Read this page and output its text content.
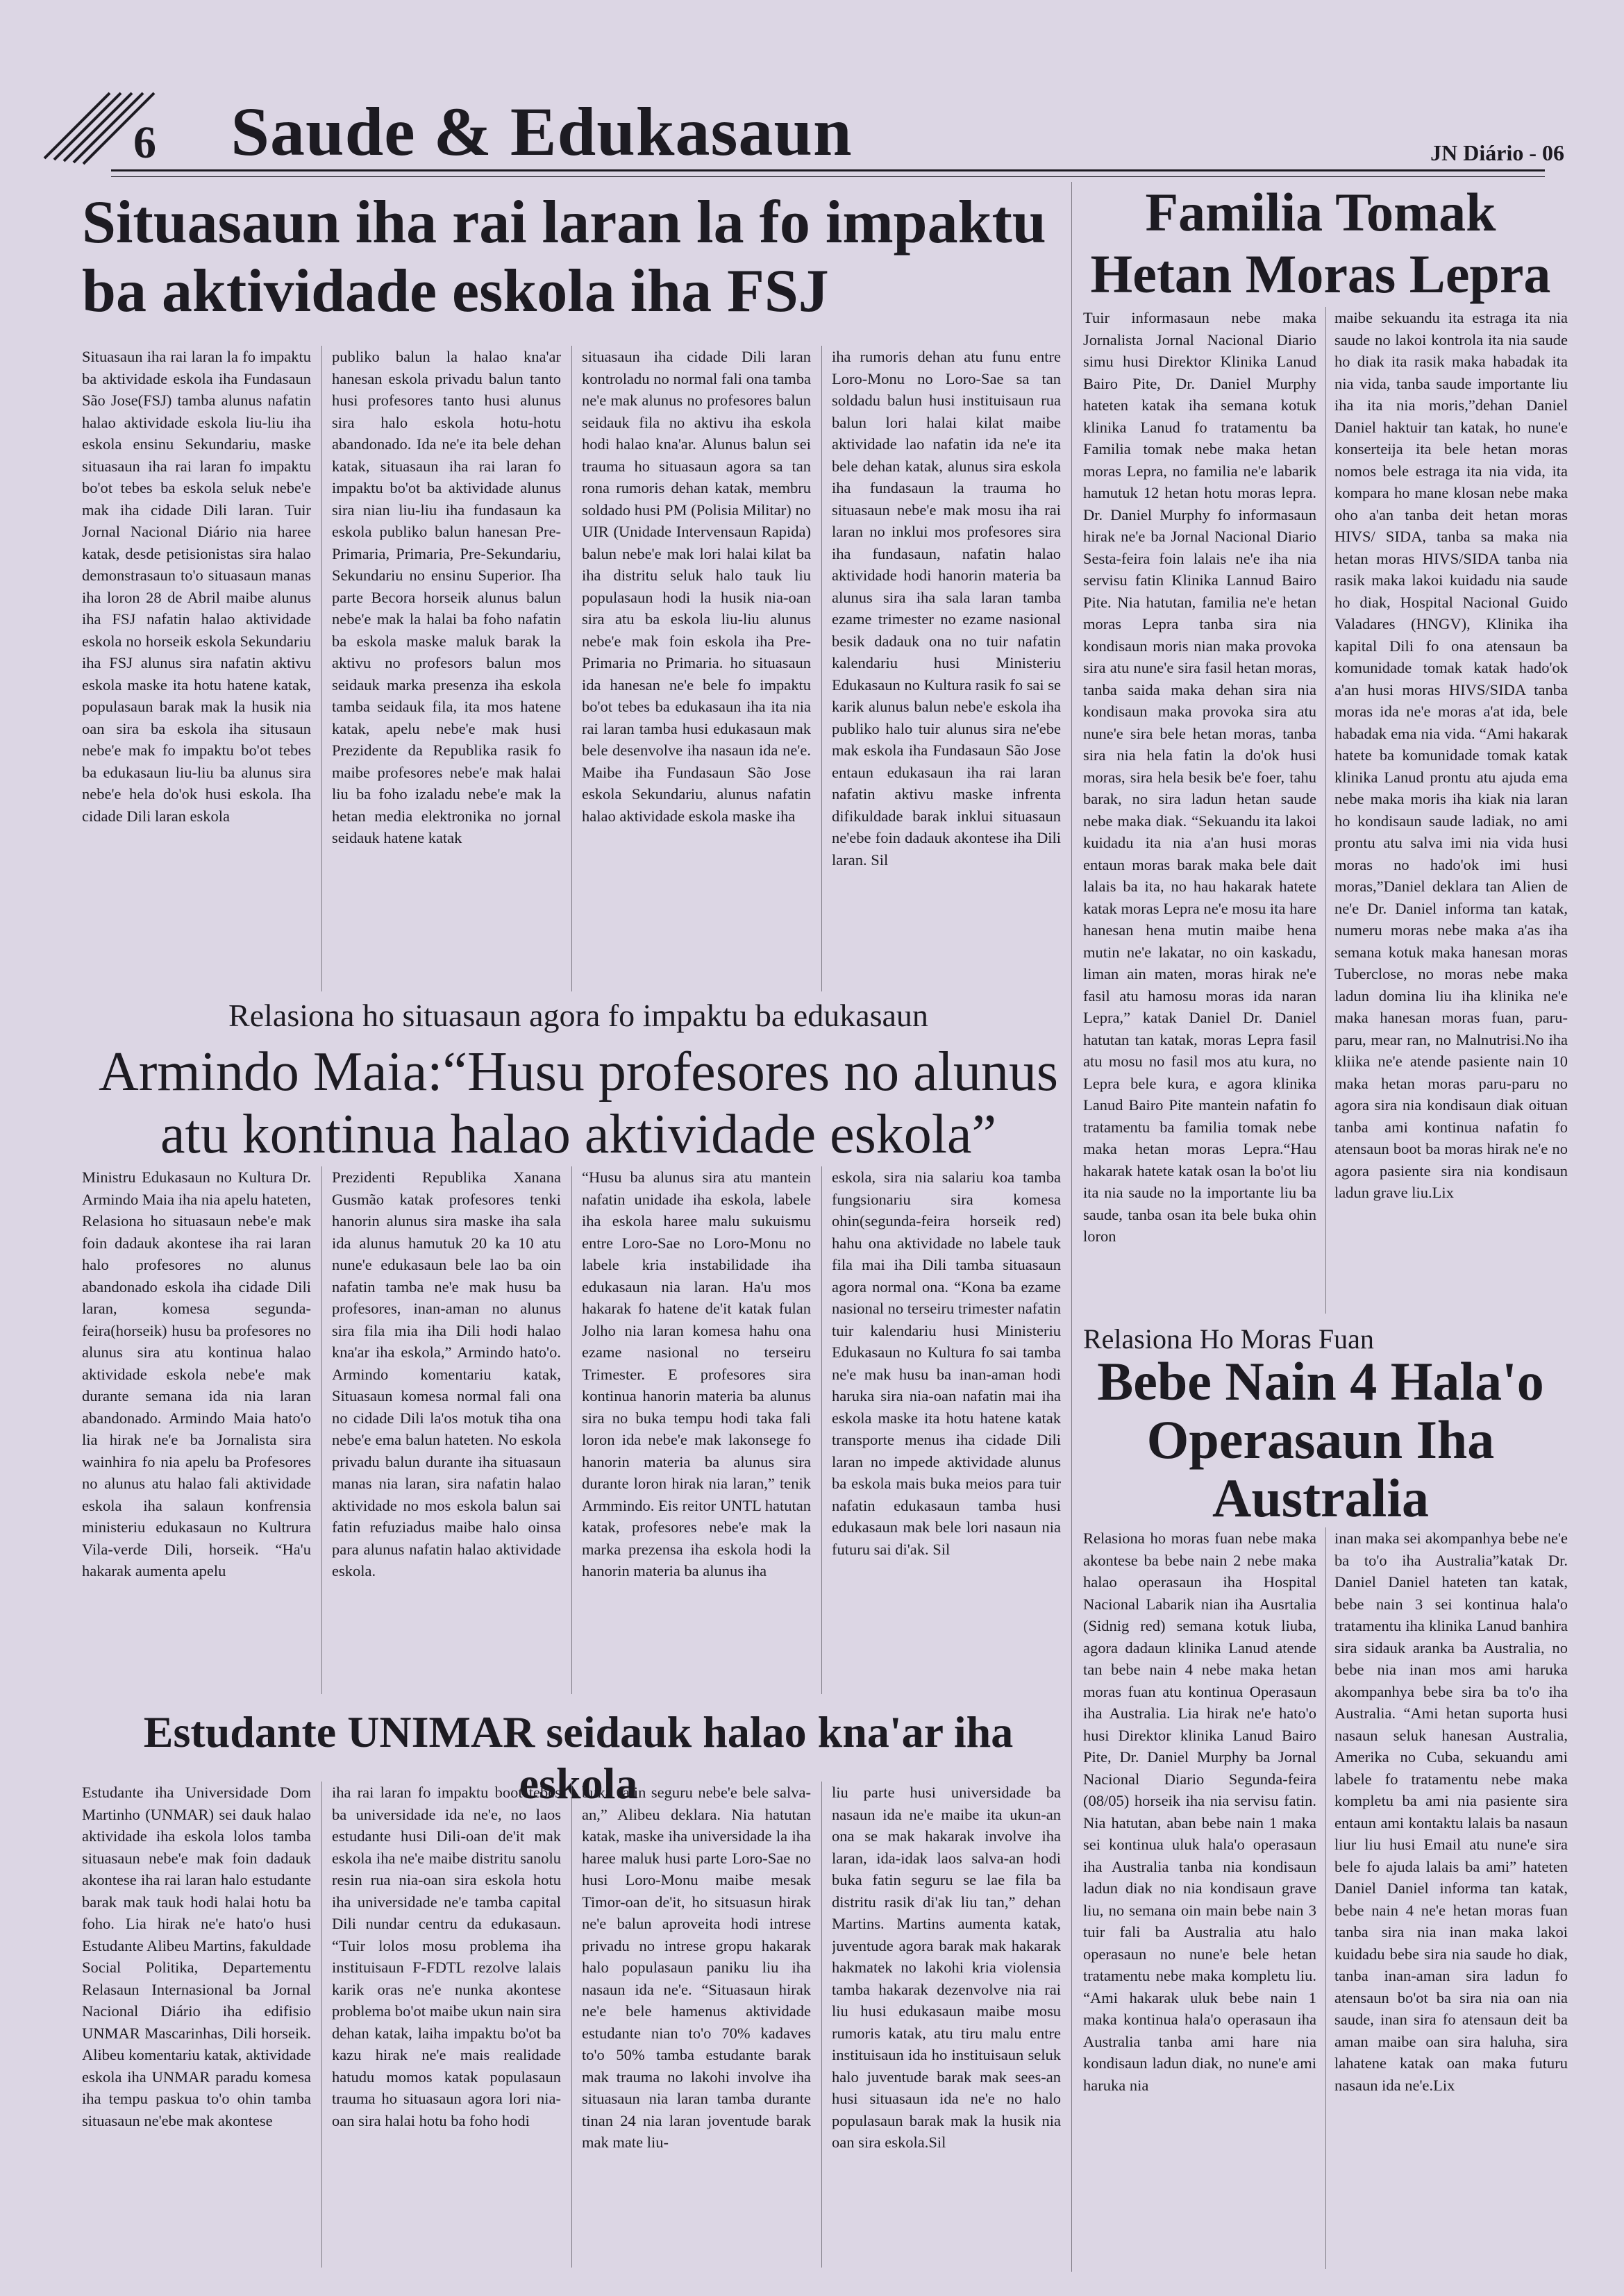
6	Saude & Edukasaun	JN Diário - 06
Situasaun iha rai laran la fo impaktu ba aktividade eskola iha FSJ

Situasaun iha rai laran la fo impaktu ba aktividade eskola iha Fundasaun São Jose(FSJ) tamba alunus nafatin halao aktividade eskola liu-liu iha eskola ensinu Sekundariu, maske situasaun iha rai laran fo impaktu bo'ot tebes ba eskola seluk nebe'e mak iha cidade Dili laran. Tuir Jornal Nacional Diário nia haree katak, desde petisionistas sira halao demonstrasaun to'o situasaun manas iha loron 28 de Abril maibe alunus iha FSJ nafatin halao aktividade eskola no horseik eskola Sekundariu iha FSJ alunus sira nafatin aktivu eskola maske ita hotu hatene katak, populasaun barak mak la husik nia oan sira ba eskola iha situsaun nebe'e mak fo impaktu bo'ot tebes ba edukasaun liu-liu ba alunus sira nebe'e hela do'ok husi eskola. Iha cidade Dili laran eskola

publiko balun la halao kna'ar hanesan eskola privadu balun tanto husi profesores tanto husi alunus sira halo eskola hotu-hotu abandonado. Ida ne'e ita bele dehan katak, situasaun iha rai laran fo impaktu bo'ot ba aktividade alunus sira nian liu-liu iha fundasaun ka eskola publiko balun hanesan Pre-Primaria, Primaria, Pre-Sekundariu, Sekundariu no ensinu Superior. Iha parte Becora horseik alunus balun nebe'e mak la halai ba foho nafatin ba eskola maske maluk barak la aktivu no profesors balun mos seidauk marka presenza iha eskola tamba seidauk fila, ita mos hatene katak, apelu nebe'e mak husi Prezidente da Republika rasik fo maibe profesores nebe'e mak halai liu ba foho izaladu nebe'e mak la hetan media elektronika no jornal seidauk hatene katak

situasaun iha cidade Dili laran kontroladu no normal fali ona tamba ne'e mak alunus no profesores balun seidauk fila no aktivu iha eskola hodi halao kna'ar. Alunus balun sei trauma ho situasaun agora sa tan rona rumoris dehan katak, membru soldado husi PM (Polisia Militar) no UIR (Unidade Intervensaun Rapida) balun nebe'e mak lori halai kilat ba iha distritu seluk halo tauk liu populasaun hodi la husik nia-oan sira atu ba eskola liu-liu alunus nebe'e mak foin eskola iha Pre-Primaria no Primaria. ho situasaun ida hanesan ne'e bele fo impaktu bo'ot tebes ba edukasaun iha ita nia rai laran tamba husi edukasaun mak bele desenvolve iha nasaun ida ne'e. Maibe iha Fundasaun São Jose eskola Sekundariu, alunus nafatin halao aktividade eskola maske iha

iha rumoris dehan atu funu entre Loro-Monu no Loro-Sae sa tan soldadu balun husi instituisaun rua balun lori halai kilat maibe aktividade lao nafatin ida ne'e ita bele dehan katak, alunus sira eskola iha fundasaun la trauma ho situasaun nebe'e mak mosu iha rai laran no inklui mos profesores sira iha fundasaun, nafatin halao aktividade hodi hanorin materia ba alunus sira iha sala laran tamba ezame trimester no ezame nasional besik dadauk ona no tuir nafatin kalendariu husi Ministeriu Edukasaun no Kultura rasik fo sai se karik alunus balun nebe'e eskola iha publiko halo tuir alunus sira ne'ebe mak eskola iha Fundasaun São Jose entaun edukasaun iha rai laran nafatin aktivu maske infrenta difikuldade barak inklui situasaun ne'ebe foin dadauk akontese iha Dili laran. Sil

Relasiona ho situasaun agora fo impaktu ba edukasaun
Armindo Maia:“Husu profesores no alunus atu kontinua halao aktividade eskola”

Ministru Edukasaun no Kultura Dr. Armindo Maia iha nia apelu hateten, Relasiona ho situasaun nebe'e mak foin dadauk akontese iha rai laran halo profesores no alunus abandonado eskola iha cidade Dili laran, komesa segunda-feira(horseik) husu ba profesores no alunus sira atu kontinua halao aktividade eskola nebe'e mak durante semana ida nia laran abandonado. Armindo Maia hato'o lia hirak ne'e ba Jornalista sira wainhira fo nia apelu ba Profesores no alunus atu halao fali aktividade eskola iha salaun konfrensia ministeriu edukasaun no Kultrura Vila-verde Dili, horseik. “Ha'u hakarak aumenta apelu

Prezidenti Republika Xanana Gusmão katak profesores tenki hanorin alunus sira maske iha sala ida alunus hamutuk 20 ka 10 atu nune'e edukasaun bele lao ba oin nafatin tamba ne'e mak husu ba profesores, inan-aman no alunus sira fila mia iha Dili hodi halao kna'ar iha eskola,” Armindo hato'o. Armindo komentariu katak, Situasaun komesa normal fali ona no cidade Dili la'os motuk tiha ona nebe'e ema balun hateten. No eskola privadu balun durante iha situasaun manas nia laran, sira nafatin halao aktividade no mos eskola balun sai fatin refuziadus maibe halo oinsa para alunus nafatin halao aktividade eskola.

“Husu ba alunus sira atu mantein nafatin unidade iha eskola, labele iha eskola haree malu sukuismu entre Loro-Sae no Loro-Monu no labele kria instabilidade iha edukasaun nia laran. Ha'u mos hakarak fo hatene de'it katak fulan Jolho nia laran komesa hahu ona ezame nasional no terseiru Trimester. E profesores sira kontinua hanorin materia ba alunus sira no buka tempu hodi taka fali loron ida nebe'e mak lakonsege fo hanorin materia ba alunus sira durante loron hirak nia laran,” tenik Armmindo. Eis reitor UNTL hatutan katak, profesores nebe'e mak la marka prezensa iha eskola hodi la hanorin materia ba alunus iha

eskola, sira nia salariu koa tamba fungsionariu sira komesa ohin(segunda-feira horseik red) hahu ona aktividade no labele tauk fila mai iha Dili tamba situasaun agora normal ona. “Kona ba ezame nasional no terseiru trimester nafatin tuir kalendariu husi Ministeriu Edukasaun no Kultura fo sai tamba ne'e mak husu ba inan-aman hodi haruka sira nia-oan nafatin mai iha eskola maske ita hotu hatene katak transporte menus iha cidade Dili laran no impede aktividade alunus ba eskola mais buka meios para tuir nafatin edukasaun tamba husi edukasaun mak bele lori nasaun nia futuru sai di'ak. Sil

Estudante UNIMAR seidauk halao kna'ar iha eskola

Estudante iha Universidade Dom Martinho (UNMAR) sei dauk halao aktividade iha eskola lolos tamba situasaun nebe'e mak foin dadauk akontese iha rai laran halo estudante barak mak tauk hodi halai hotu ba foho. Lia hirak ne'e hato'o husi Estudante Alibeu Martins, fakuldade Social Politika, Departementu Relasaun Internasional ba Jornal Nacional Diário iha edifisio UNMAR Mascarinhas, Dili horseik. Alibeu komentariu katak, aktividade eskola iha UNMAR paradu komesa iha tempu paskua to'o ohin tamba situasaun ne'ebe mak akontese

iha rai laran fo impaktu boot tebes ba universidade ida ne'e, no laos estudante husi Dili-oan de'it mak eskola iha ne'e maibe distritu sanolu resin rua nia-oan sira eskola hotu iha universidade ne'e tamba capital Dili nundar centru da edukasaun. “Tuir lolos mosu problema iha instituisaun F-FDTL rezolve lalais karik oras ne'e nunka akontese problema bo'ot maibe ukun nain sira dehan katak, laiha impaktu bo'ot ba kazu hirak ne'e mais realidade hatudu momos katak populasaun trauma ho situasaun agora lori nia-oan sira halai hotu ba foho hodi

buka fatin seguru nebe'e bele salva-an,” Alibeu deklara. Nia hatutan katak, maske iha universidade la iha haree maluk husi parte Loro-Sae no husi Loro-Monu maibe mesak Timor-oan de'it, ho sitsuasun hirak ne'e balun aproveita hodi intrese privadu no intrese gropu hakarak halo populasaun paniku liu iha nasaun ida ne'e. “Situasaun hirak ne'e bele hamenus aktividade estudante nian to'o 70% kadaves to'o 50% tamba estudante barak mak trauma no lakohi involve iha situasaun nia laran tamba durante tinan 24 nia laran joventude barak mak mate liu-

liu parte husi universidade ba nasaun ida ne'e maibe ita ukun-an ona se mak hakarak involve iha laran, ida-idak laos salva-an hodi buka fatin seguru se lae fila ba distritu rasik di'ak liu tan,” dehan Martins. Martins aumenta katak, juventude agora barak mak hakarak hakmatek no lakohi kria violensia tamba hakarak dezenvolve nia rai liu husi edukasaun maibe mosu rumoris katak, atu tiru malu entre instituisaun ida ho instituisaun seluk halo juventude barak mak sees-an husi situasaun ida ne'e no halo populasaun barak mak la husik nia oan sira eskola.Sil

Familia Tomak Hetan Moras Lepra

Tuir informasaun nebe maka Jornalista Jornal Nacional Diario simu husi Direktor Klinika Lanud Bairo Pite, Dr. Daniel Murphy hateten katak iha semana kotuk klinika Lanud fo tratamentu ba Familia tomak nebe maka hetan moras Lepra, no familia ne'e labarik hamutuk 12 hetan hotu moras lepra. Dr. Daniel Murphy fo informasaun hirak ne'e ba Jornal Nacional Diario Sesta-feira foin lalais ne'e iha nia servisu fatin Klinika Lannud Bairo Pite. Nia hatutan, familia ne'e hetan moras Lepra tanba sira nia kondisaun moris nian maka provoka sira atu nune'e sira fasil hetan moras, tanba saida maka dehan sira nia kondisaun maka provoka sira atu nune'e sira bele hetan moras, tanba sira nia hela fatin la do'ok husi moras, sira hela besik be'e foer, tahu barak, no sira ladun hetan saude nebe maka diak. “Sekuandu ita lakoi kuidadu ita nia a'an husi moras entaun moras barak maka bele dait lalais ba ita, no hau hakarak hatete katak moras Lepra ne'e mosu ita hare hanesan hena mutin maibe hena mutin ne'e lakatar, no oin kaskadu, liman ain maten, moras hirak ne'e fasil atu hamosu moras ida naran Lepra,” katak Daniel Dr. Daniel hatutan tan katak, moras Lepra fasil atu mosu no fasil mos atu kura, no Lepra bele kura, e agora klinika Lanud Bairo Pite mantein nafatin fo tratamentu ba familia tomak nebe maka hetan moras Lepra.“Hau hakarak hatete katak osan la bo'ot liu ita nia saude no la importante liu ba saude, tanba osan ita bele buka ohin loron

maibe sekuandu ita estraga ita nia saude no lakoi kontrola ita nia saude ho diak ita rasik maka habadak ita nia vida, tanba saude importante liu iha ita nia moris,”dehan Daniel Daniel haktuir tan katak, ho nune'e konserteija ita bele hetan moras nomos bele estraga ita nia vida, ita kompara ho mane klosan nebe maka oho a'an tanba deit hetan moras HIVS/ SIDA, tanba sa maka nia hetan moras HIVS/SIDA tanba nia rasik maka lakoi kuidadu nia saude ho diak, Hospital Nacional Guido Valadares (HNGV), Klinika iha kapital Dili fo ona atensaun ba komunidade tomak katak hado'ok a'an husi moras HIVS/SIDA tanba moras ida ne'e moras a'at ida, bele habadak ema nia vida. “Ami hakarak hatete ba komunidade tomak katak klinika Lanud prontu atu ajuda ema nebe maka moris iha kiak nia laran ho kondisaun saude ladiak, no ami prontu atu salva imi nia vida husi moras no hado'ok imi husi moras,”Daniel deklara tan Alien de ne'e Dr. Daniel informa tan katak, numeru moras nebe maka a'as iha semana kotuk maka hanesan moras Tuberclose, no moras nebe maka ladun domina liu iha klinika ne'e maka hanesan moras fuan, paru-paru, mear ran, no Malnutrisi.No iha kliika ne'e atende pasiente nain 10 maka hetan moras paru-paru no agora sira nia kondisaun diak oituan tanba ami kontinua nafatin fo atensaun boot ba moras hirak ne'e no agora pasiente sira nia kondisaun ladun grave liu.Lix

Relasiona Ho Moras Fuan
Bebe Nain 4 Hala'o Operasaun Iha Australia

Relasiona ho moras fuan nebe maka akontese ba bebe nain 2 nebe maka halao operasaun iha Hospital Nacional Labarik nian iha Ausrtalia (Sidnig red) semana kotuk liuba, agora dadaun klinika Lanud atende tan bebe nain 4 nebe maka hetan moras fuan atu kontinua Operasaun iha Australia. Lia hirak ne'e hato'o husi Direktor klinika Lanud Bairo Pite, Dr. Daniel Murphy ba Jornal Nacional Diario Segunda-feira (08/05) horseik iha nia servisu fatin. Nia hatutan, aban bebe nain 1 maka sei kontinua uluk hala'o operasaun iha Australia tanba nia kondisaun ladun diak no nia kondisaun grave liu, no semana oin main bebe nain 3 tuir fali ba Australia atu halo operasaun no nune'e bele hetan tratamentu nebe maka kompletu liu. “Ami hakarak uluk bebe nain 1 maka kontinua hala'o operasaun iha Australia tanba ami hare nia kondisaun ladun diak, no nune'e ami haruka nia

inan maka sei akompanhya bebe ne'e ba to'o iha Australia”katak Dr. Daniel Daniel hateten tan katak, bebe nain 3 sei kontinua hala'o tratamentu iha klinika Lanud banhira sira sidauk aranka ba Australia, no bebe nia inan mos ami haruka akompanhya bebe sira ba to'o iha Australia. “Ami hetan suporta husi nasaun seluk hanesan Australia, Amerika no Cuba, sekuandu ami labele fo tratamentu nebe maka kompletu ba ami nia pasiente sira entaun ami kontaktu lalais ba nasaun liur liu husi Email atu nune'e sira bele fo ajuda lalais ba ami” hateten Daniel Daniel informa tan katak, bebe nain 4 ne'e hetan moras fuan tanba sira nia inan maka lakoi kuidadu bebe sira nia saude ho diak, tanba inan-aman sira ladun fo atensaun bo'ot ba sira nia oan nia saude, inan sira fo atensaun deit ba aman maibe oan sira haluha, sira lahatene katak oan maka futuru nasaun ida ne'e.Lix
